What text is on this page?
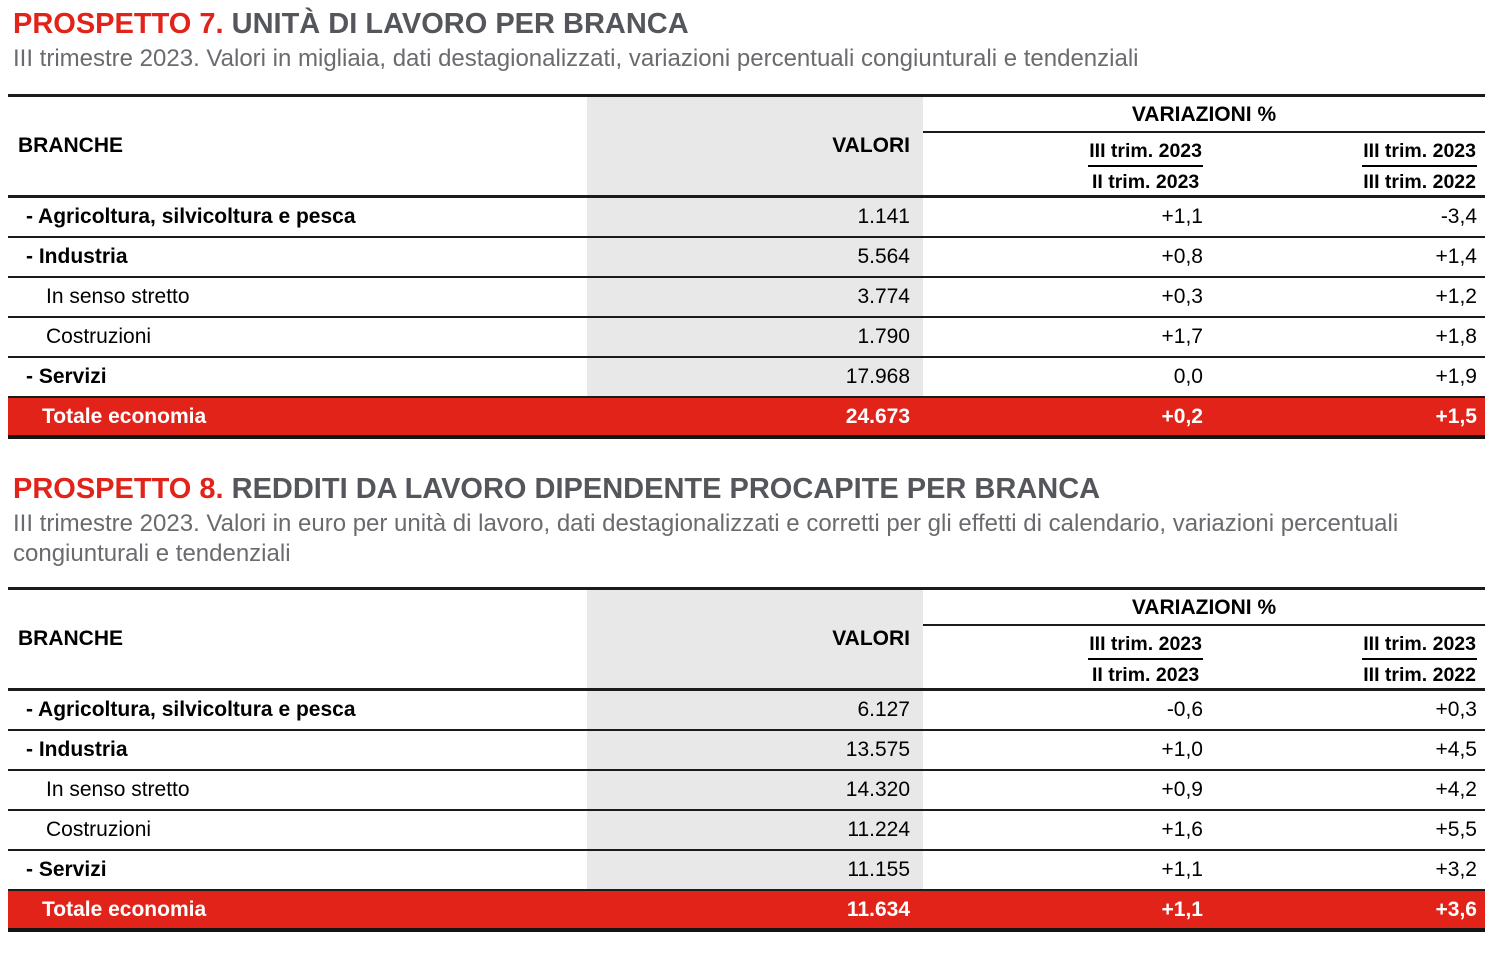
PROSPETTO 7. UNITÀ DI LAVORO PER BRANCA

III trimestre 2023. Valori in migliaia, dati destagionalizzati, variazioni percentuali congiunturali e tendenziali

BRANCHE	VALORI
VARIAZIONI %
$\frac{\text{III trim. 2023}}{\text{II trim. 2023}}$	$\frac{\text{III trim. 2023}}{\text{III trim. 2022}}$
- Agricoltura, silvicoltura e pesca	1.141	+1,1	-3,4
- Industria	5.564	+0,8	+1,4
In senso stretto	3.774	+0,3	+1,2
Costruzioni	1.790	+1,7	+1,8
- Servizi	17.968	0,0	+1,9
Totale economia	24.673	+0,2	+1,5
PROSPETTO 8. REDDITI DA LAVORO DIPENDENTE PROCAPITE PER BRANCA

III trimestre 2023. Valori in euro per unità di lavoro, dati destagionalizzati e corretti per gli effetti di calendario, variazioni percentuali congiunturali e tendenziali

BRANCHE	VALORI
VARIAZIONI %
$\frac{\text{III trim. 2023}}{\text{II trim. 2023}}$	$\frac{\text{III trim. 2023}}{\text{III trim. 2022}}$
- Agricoltura, silvicoltura e pesca	6.127	-0,6	+0,3
- Industria	13.575	+1,0	+4,5
In senso stretto	14.320	+0,9	+4,2
Costruzioni	11.224	+1,6	+5,5
- Servizi	11.155	+1,1	+3,2
Totale economia	11.634	+1,1	+3,6
